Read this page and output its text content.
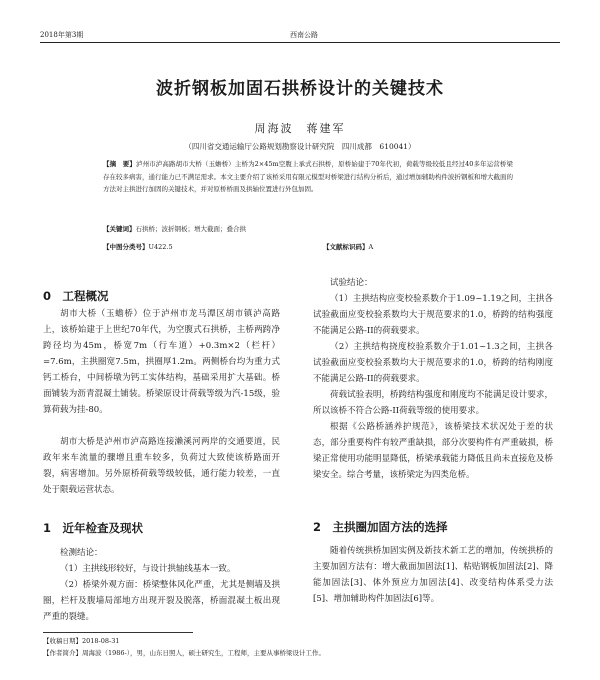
2018年第3期	西南公路
波折钢板加固石拱桥设计的关键技术
周海波　蒋建军
（四川省交通运输厅公路规划勘察设计研究院　四川成都　610041）
【摘　要】泸州市泸高路胡市大桥（玉蟾桥）主桥为2×45m空腹上承式石拱桥，原桥始建于70年代初，荷载等级较低且经过40多年运营桥梁存在较多病害，通行能力已不满足需求。本文主要介绍了该桥采用有限元模型对桥梁进行结构分析后，通过增加辅助构件波折钢板和增大截面的方法对主拱进行加固的关键技术，并对原桥桥面及拱轴位置进行外包加固。
【关键词】石拱桥；波折钢板；增大截面；叠合拱
【中图分类号】U422.5	【文献标识码】A

0　工程概况

胡市大桥（玉蟾桥）位于泸州市龙马潭区胡市镇泸高路上，该桥始建于上世纪70年代，为空腹式石拱桥，主桥两跨净跨径均为45m，桥宽7m（行车道）+0.3m×2（栏杆）=7.6m，主拱圈宽7.5m，拱圈厚1.2m。两侧桥台均为重力式钙工桥台，中间桥墩为钙工实体结构，基础采用扩大基础。桥面铺装为沥青混凝土铺装。桥梁原设计荷载等级为汽-15级，验算荷载为挂-80。

胡市大桥是泸州市泸高路连接濑溪河两岸的交通要道，民政年来车流量的骤增且重车较多，负荷过大致使该桥路面开裂，病害增加。另外原桥荷载等级较低，通行能力较差，一直处于限载运营状态。

1　近年检查及现状

检测结论：

（1）主拱线形较好，与设计拱轴线基本一致。

（2）桥梁外观方面：桥梁整体风化严重，尤其是侧墙及拱圈，栏杆及腹墙局部地方出现开裂及脱落，桥面混凝土板出现严重的裂缝。

试验结论：

（1）主拱结构应变校验系数介于1.09~1.19之间，主拱各试验截面应变校验系数均大于规范要求的1.0，桥跨的结构强度不能满足公路-II的荷载要求。

（2）主拱结构挠度校验系数介于1.01~1.3之间，主拱各试验截面应变校验系数均大于规范要求的1.0，桥跨的结构刚度不能满足公路-II的荷载要求。

荷载试验表明，桥跨结构强度和刚度均不能满足设计要求，所以该桥不符合公路-II荷载等级的使用要求。

根据《公路桥涵养护规范》，该桥梁技术状况处于差的状态，部分重要构件有较严重缺损，部分次要构件有严重破损，桥梁正常使用功能明显降低，桥梁承载能力降低且尚未直接危及桥梁安全。综合考量，该桥梁定为四类危桥。

2　主拱圈加固方法的选择

随着传统拱桥加固实例及新技术新工艺的增加，传统拱桥的主要加固方法有：增大截面加固法[1]、粘贴钢板加固法[2]、降能加固法[3]、体外预应力加固法[4]、改变结构体系受力法[5]、增加辅助构件加固法[6]等。

【收稿日期】2018-08-31
【作者简介】周海波（1986-），男，山东日照人，硕士研究生，工程师，主要从事桥梁设计工作。
